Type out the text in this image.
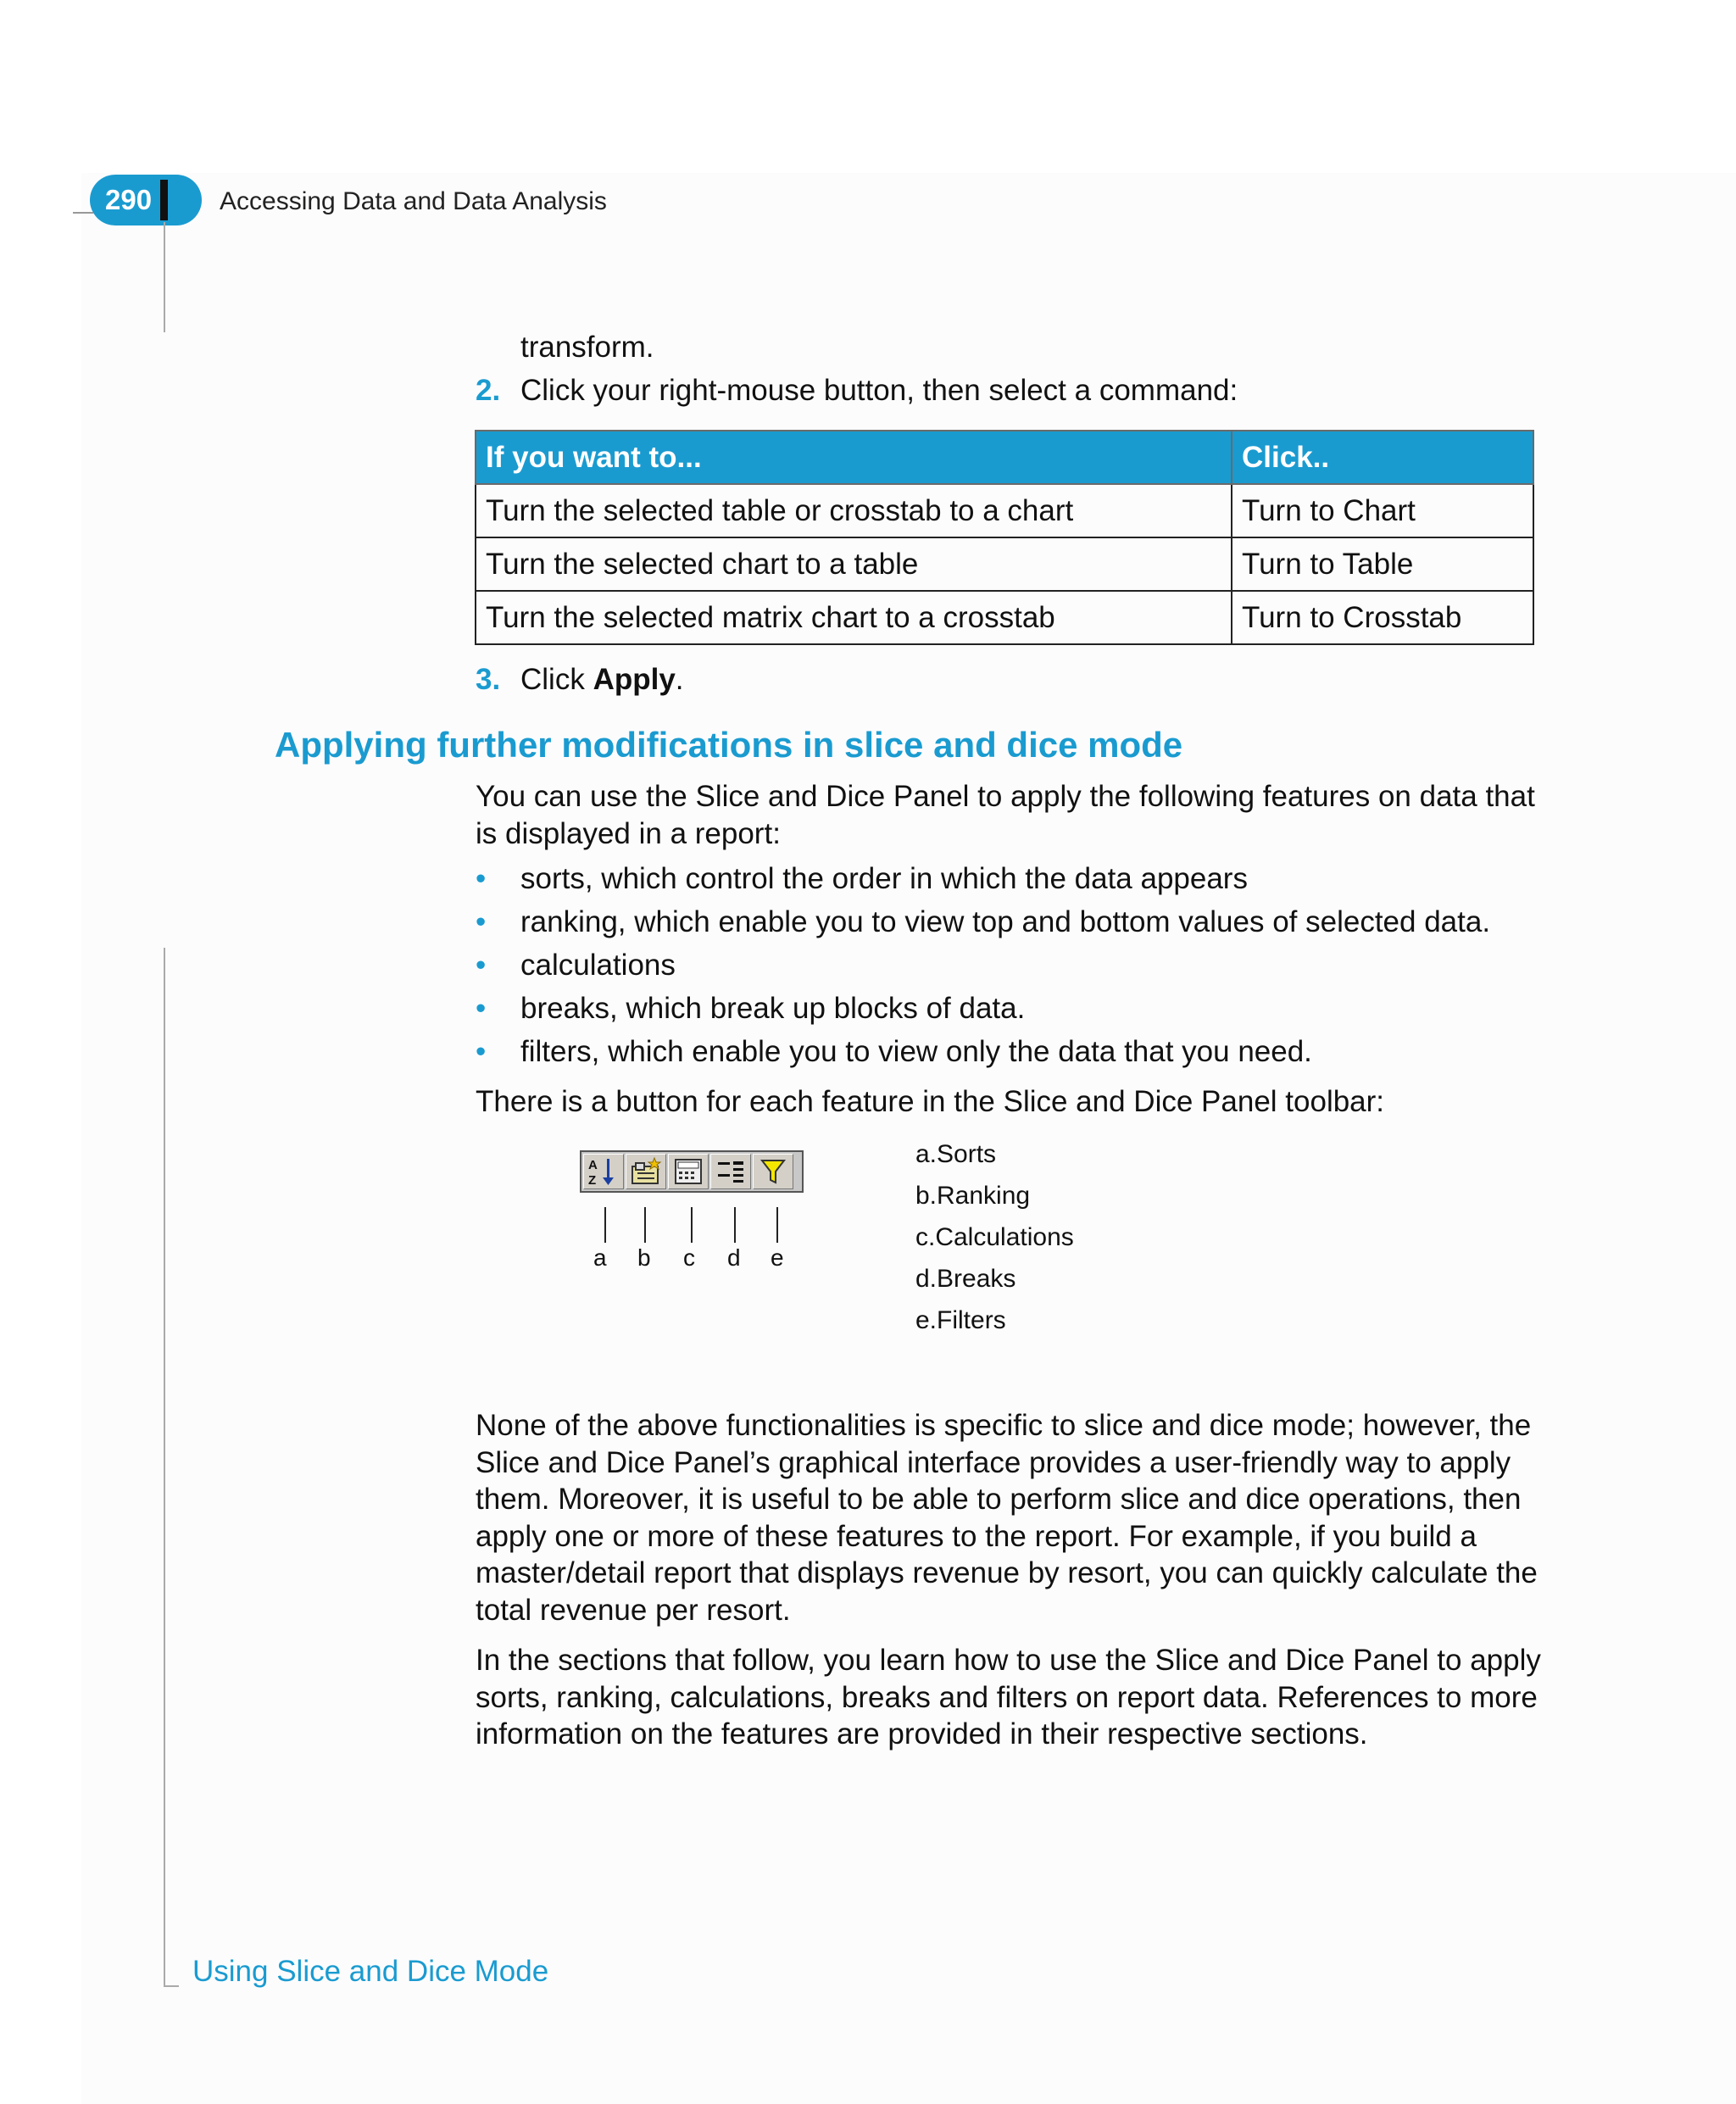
290	Accessing Data and Data Analysis
transform.
2. Click your right-mouse button, then select a command:
If you want to...	Click..
Turn the selected table or crosstab to a chart	Turn to Chart
Turn the selected chart to a table	Turn to Table
Turn the selected matrix chart to a crosstab	Turn to Crosstab
3. Click Apply.
Applying further modifications in slice and dice mode
You can use the Slice and Dice Panel to apply the following features on data that is displayed in a report:
• sorts, which control the order in which the data appears
• ranking, which enable you to view top and bottom values of selected data.
• calculations
• breaks, which break up blocks of data.
• filters, which enable you to view only the data that you need.
There is a button for each feature in the Slice and Dice Panel toolbar:
A
Z
a b c d e
a.Sorts
b.Ranking
c.Calculations
d.Breaks
e.Filters
None of the above functionalities is specific to slice and dice mode; however, the Slice and Dice Panel’s graphical interface provides a user-friendly way to apply them. Moreover, it is useful to be able to perform slice and dice operations, then apply one or more of these features to the report. For example, if you build a master/detail report that displays revenue by resort, you can quickly calculate the total revenue per resort.
In the sections that follow, you learn how to use the Slice and Dice Panel to apply sorts, ranking, calculations, breaks and filters on report data. References to more information on the features are provided in their respective sections.
Using Slice and Dice Mode
